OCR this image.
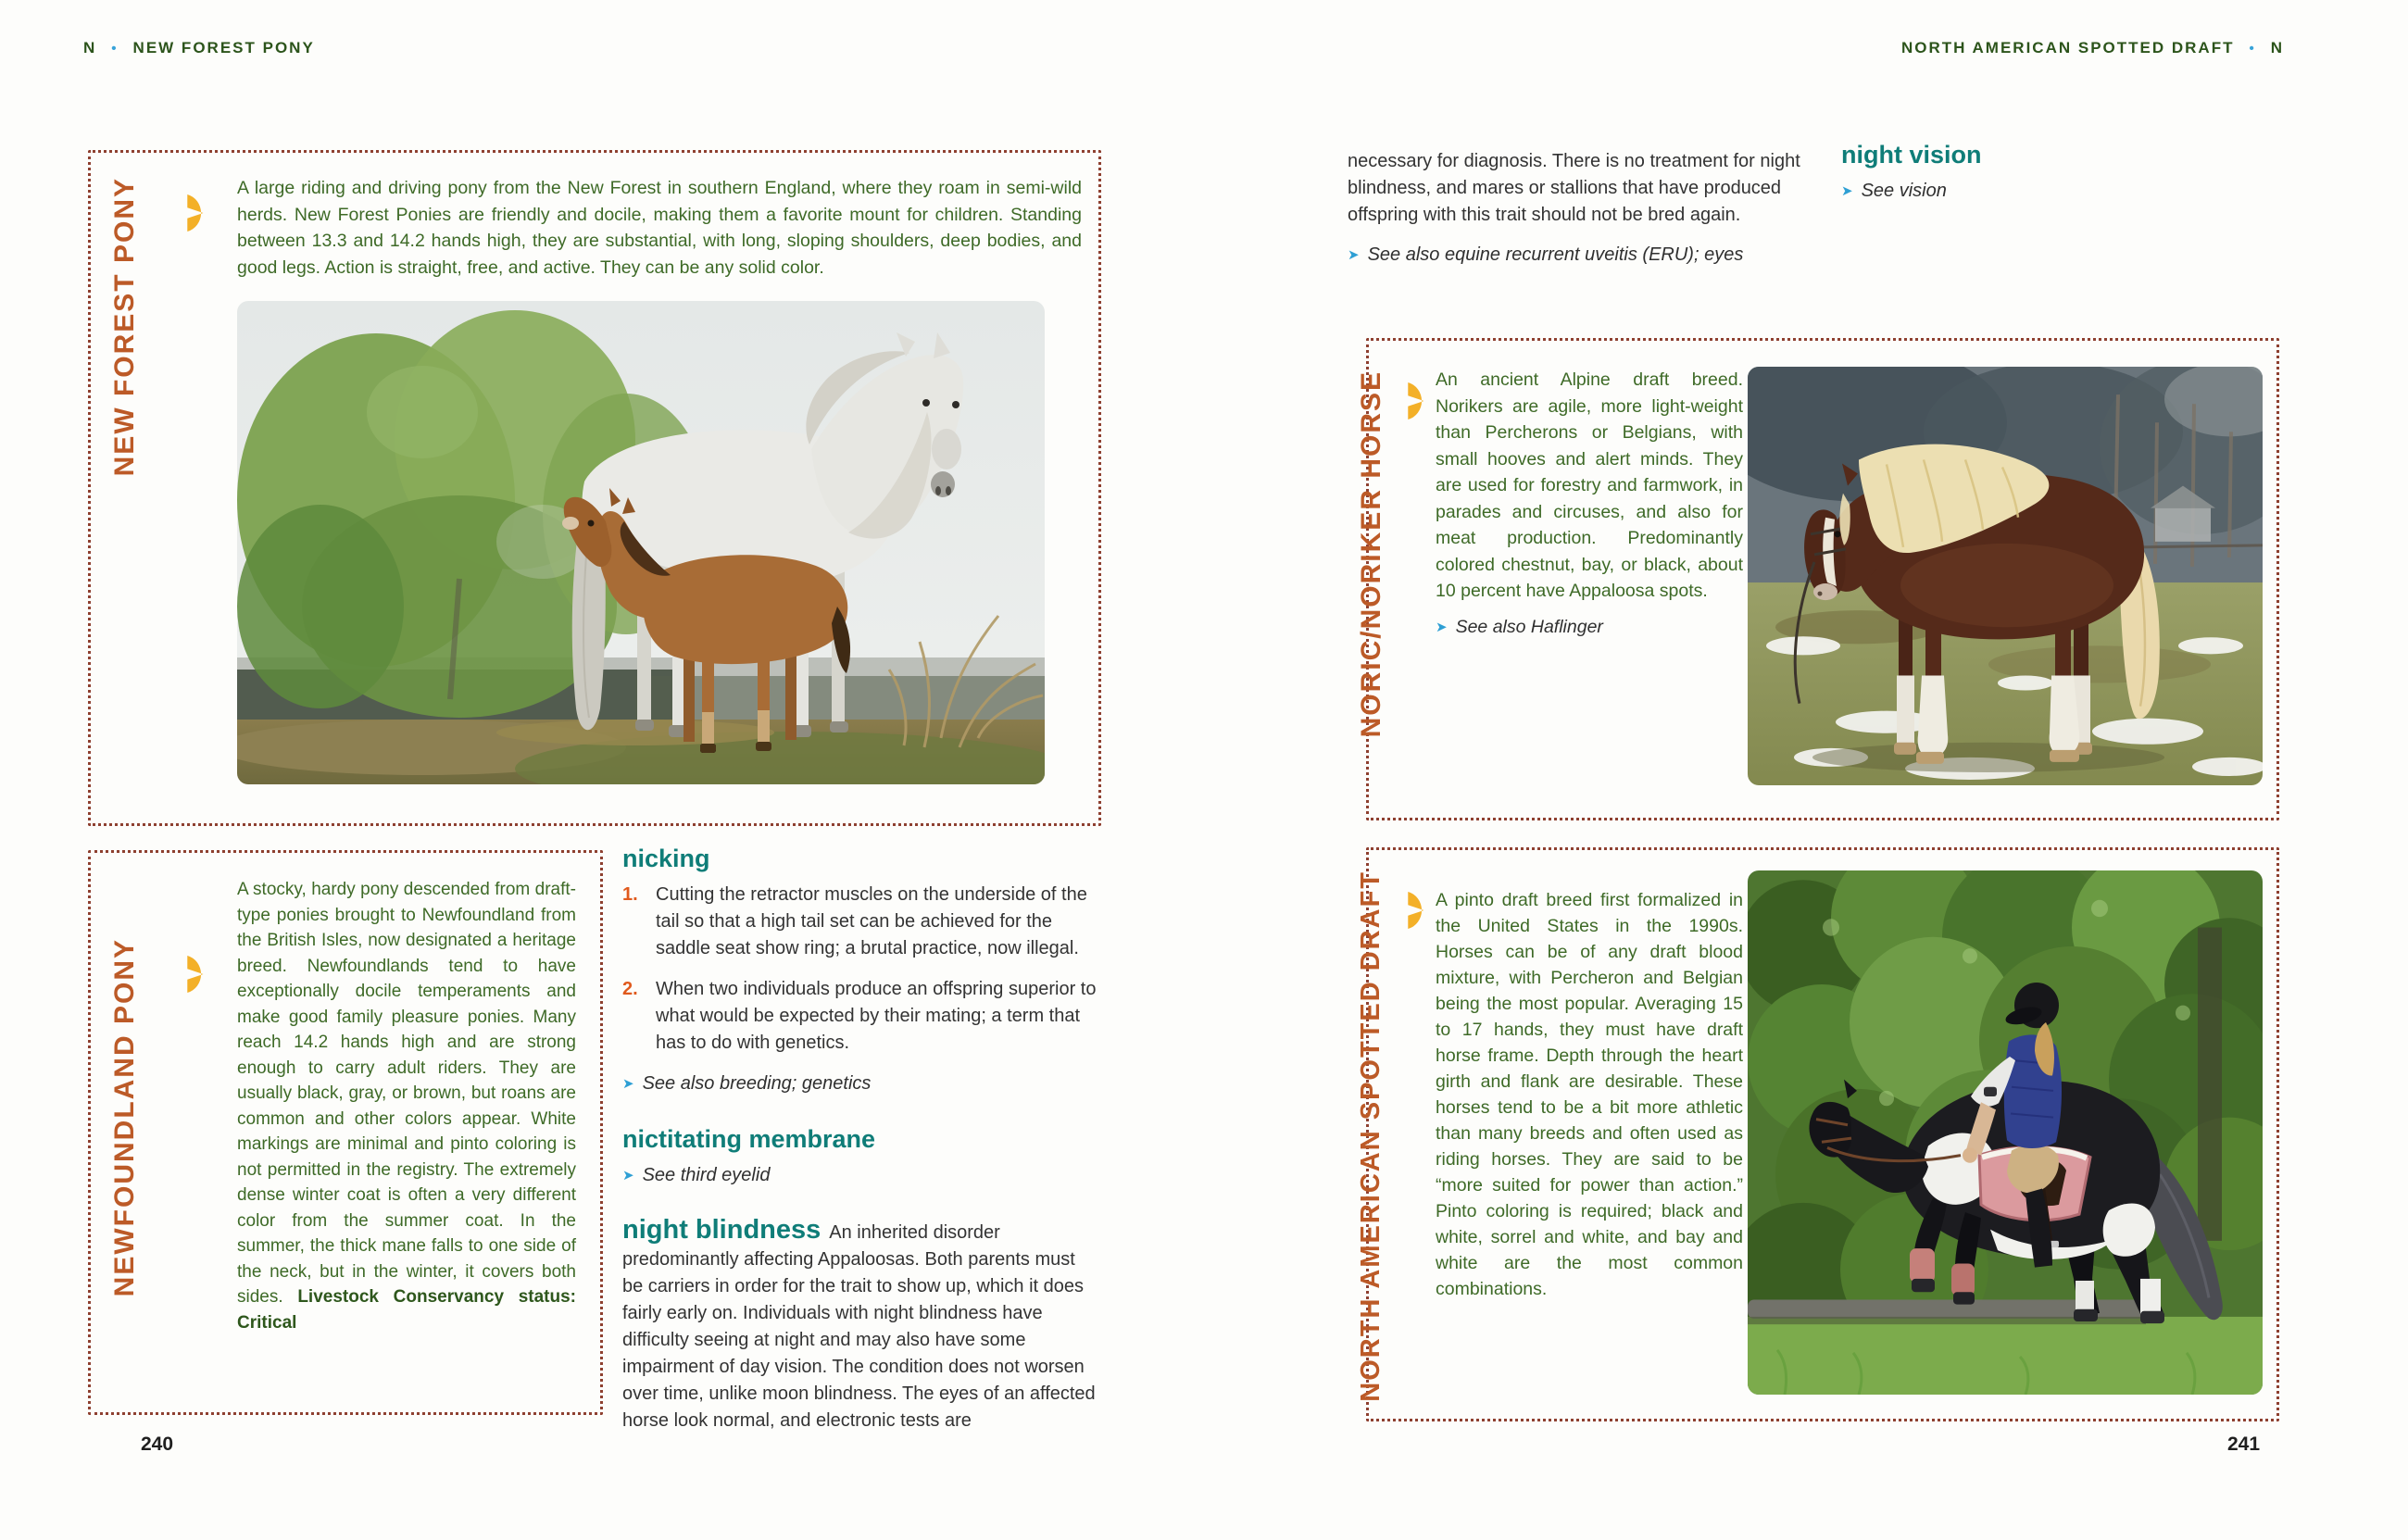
N • NEW FOREST PONY
NEW FOREST PONY	A large riding and driving pony from the New Forest in southern England, where they roam in semi-wild herds. New Forest Ponies are friendly and docile, making them a favorite mount for children. Standing between 13.3 and 14.2 hands high, they are substantial, with long, sloping shoulders, deep bodies, and good legs. Action is straight, free, and active. They can be any solid color.
NEWFOUNDLAND PONY
A stocky, hardy pony descended from draft-type ponies brought to Newfoundland from the British Isles, now designated a heritage breed. Newfoundlands tend to have exceptionally docile temperaments and make good family pleasure ponies. Many reach 14.2 hands high and are strong enough to carry adult riders. They are usually black, gray, or brown, but roans are common and other colors appear. White markings are minimal and pinto coloring is not permitted in the registry. The extremely dense winter coat is often a very different color from the summer coat. In the summer, the thick mane falls to one side of the neck, but in the winter, it covers both sides. Livestock Conservancy status: Critical
nicking
1. Cutting the retractor muscles on the underside of the tail so that a high tail set can be achieved for the saddle seat show ring; a brutal practice, now illegal.
2. When two individuals produce an offspring superior to what would be expected by their mating; a term that has to do with genetics.
➤ See also breeding; genetics
nictitating membrane
➤ See third eyelid

night blindness An inherited disorder predominantly affecting Appaloosas. Both parents must be carriers in order for the trait to show up, which it does fairly early on. Individuals with night blindness have difficulty seeing at night and may also have some impairment of day vision. The condition does not worsen over time, unlike moon blindness. The eyes of an affected horse look normal, and electronic tests are

240
NORTH AMERICAN SPOTTED DRAFT • N

necessary for diagnosis. There is no treatment for night blindness, and mares or stallions that have produced offspring with this trait should not be bred again.

➤ See also equine recurrent uveitis (ERU); eyes
night vision
➤ See vision
NORIC/NORIKER HORSE	An ancient Alpine draft breed. Norikers are agile, more light-weight than Percherons or Belgians, with small hooves and alert minds. They are used for forestry and farmwork, in parades and circuses, and also for meat production. Predominantly colored chestnut, bay, or black, about 10 percent have Appaloosa spots.
➤ See also Haflinger
NORTH AMERICAN SPOTTED DRAFT	A pinto draft breed first formalized in the United States in the 1990s. Horses can be of any draft blood mixture, with Percheron and Belgian being the most popular. Averaging 15 to 17 hands, they must have draft horse frame. Depth through the heart girth and flank are desirable. These horses tend to be a bit more athletic than many breeds and often used as riding horses. They are said to be “more suited for power than action.” Pinto coloring is required; black and white, sorrel and white, and bay and white are the most common combinations.
241
